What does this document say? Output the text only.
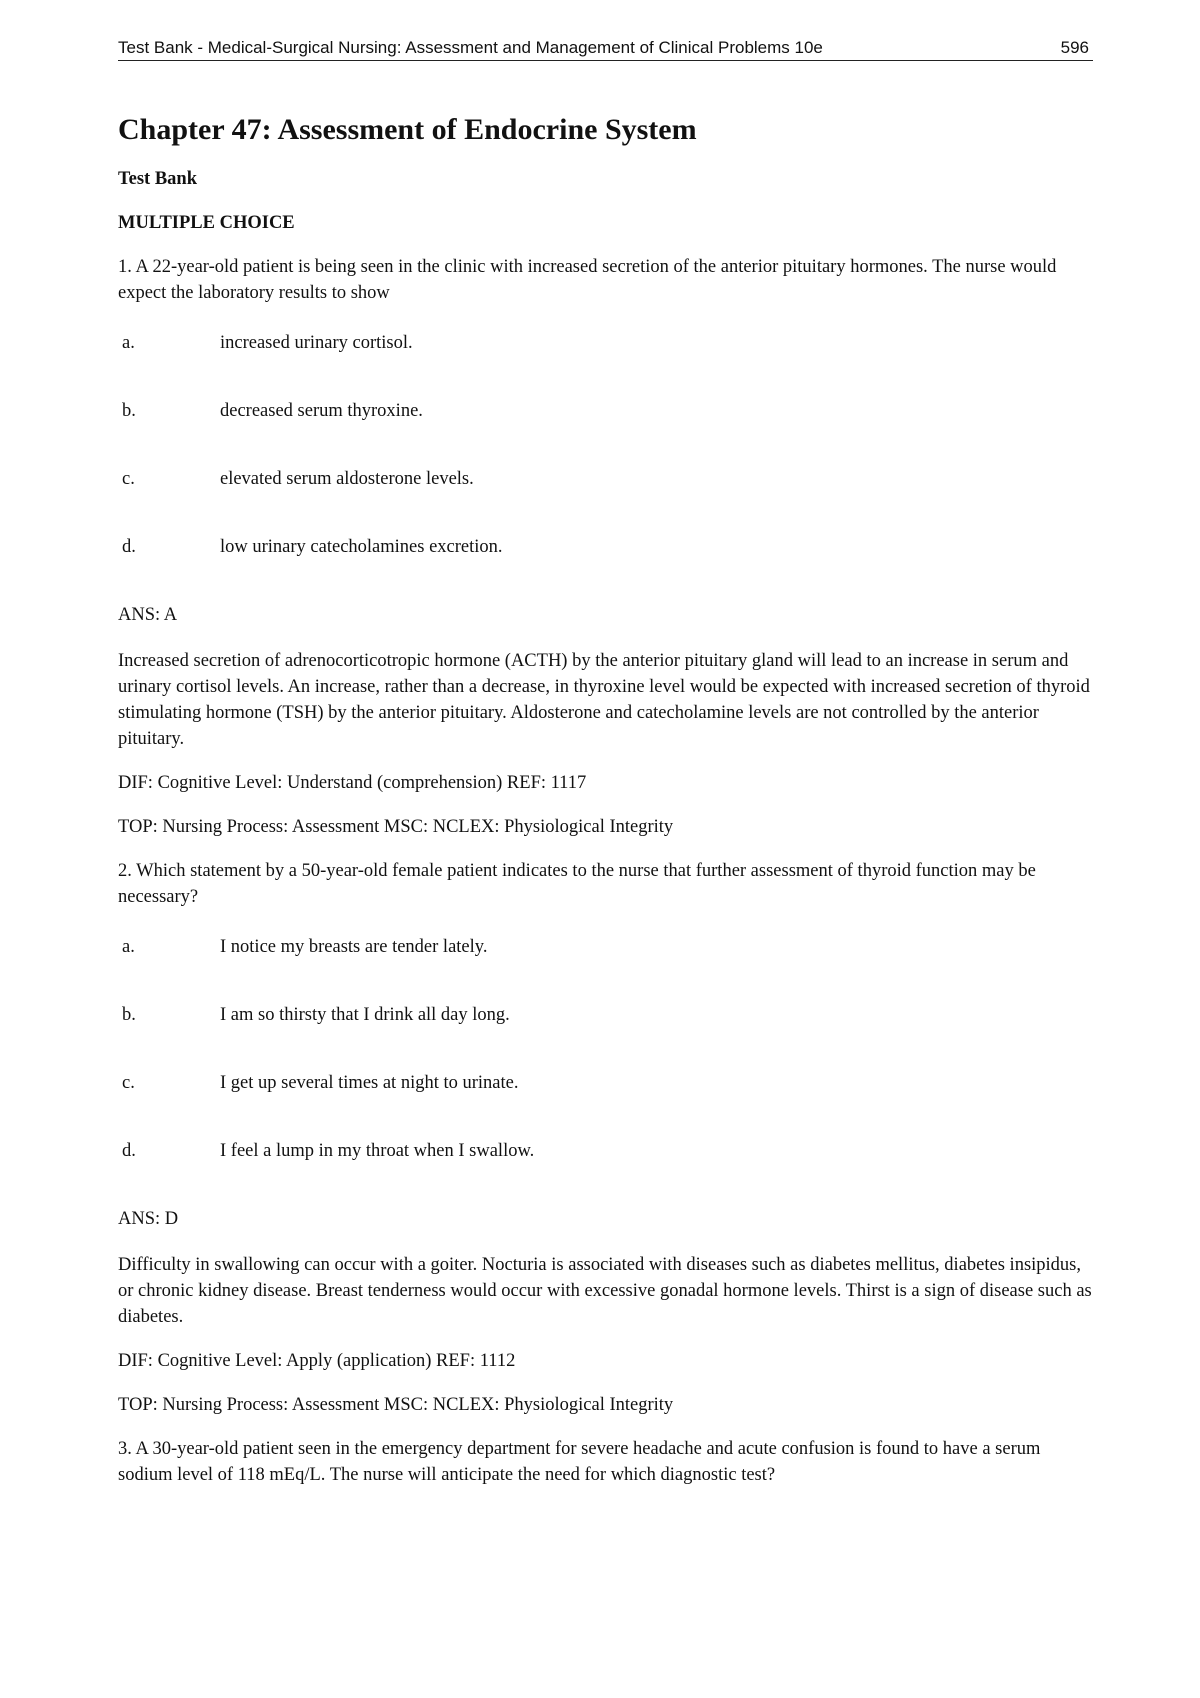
Test Bank - Medical-Surgical Nursing: Assessment and Management of Clinical Problems 10e	596
Chapter 47: Assessment of Endocrine System
Test Bank
MULTIPLE CHOICE
1. A 22-year-old patient is being seen in the clinic with increased secretion of the anterior pituitary hormones. The nurse would expect the laboratory results to show
a.	increased urinary cortisol.
b.	decreased serum thyroxine.
c.	elevated serum aldosterone levels.
d.	low urinary catecholamines excretion.
ANS: A
Increased secretion of adrenocorticotropic hormone (ACTH) by the anterior pituitary gland will lead to an increase in serum and urinary cortisol levels. An increase, rather than a decrease, in thyroxine level would be expected with increased secretion of thyroid stimulating hormone (TSH) by the anterior pituitary. Aldosterone and catecholamine levels are not controlled by the anterior pituitary.
DIF: Cognitive Level: Understand (comprehension) REF: 1117
TOP: Nursing Process: Assessment MSC: NCLEX: Physiological Integrity
2. Which statement by a 50-year-old female patient indicates to the nurse that further assessment of thyroid function may be necessary?
a.	I notice my breasts are tender lately.
b.	I am so thirsty that I drink all day long.
c.	I get up several times at night to urinate.
d.	I feel a lump in my throat when I swallow.
ANS: D
Difficulty in swallowing can occur with a goiter. Nocturia is associated with diseases such as diabetes mellitus, diabetes insipidus, or chronic kidney disease. Breast tenderness would occur with excessive gonadal hormone levels. Thirst is a sign of disease such as diabetes.
DIF: Cognitive Level: Apply (application) REF: 1112
TOP: Nursing Process: Assessment MSC: NCLEX: Physiological Integrity
3. A 30-year-old patient seen in the emergency department for severe headache and acute confusion is found to have a serum sodium level of 118 mEq/L. The nurse will anticipate the need for which diagnostic test?
